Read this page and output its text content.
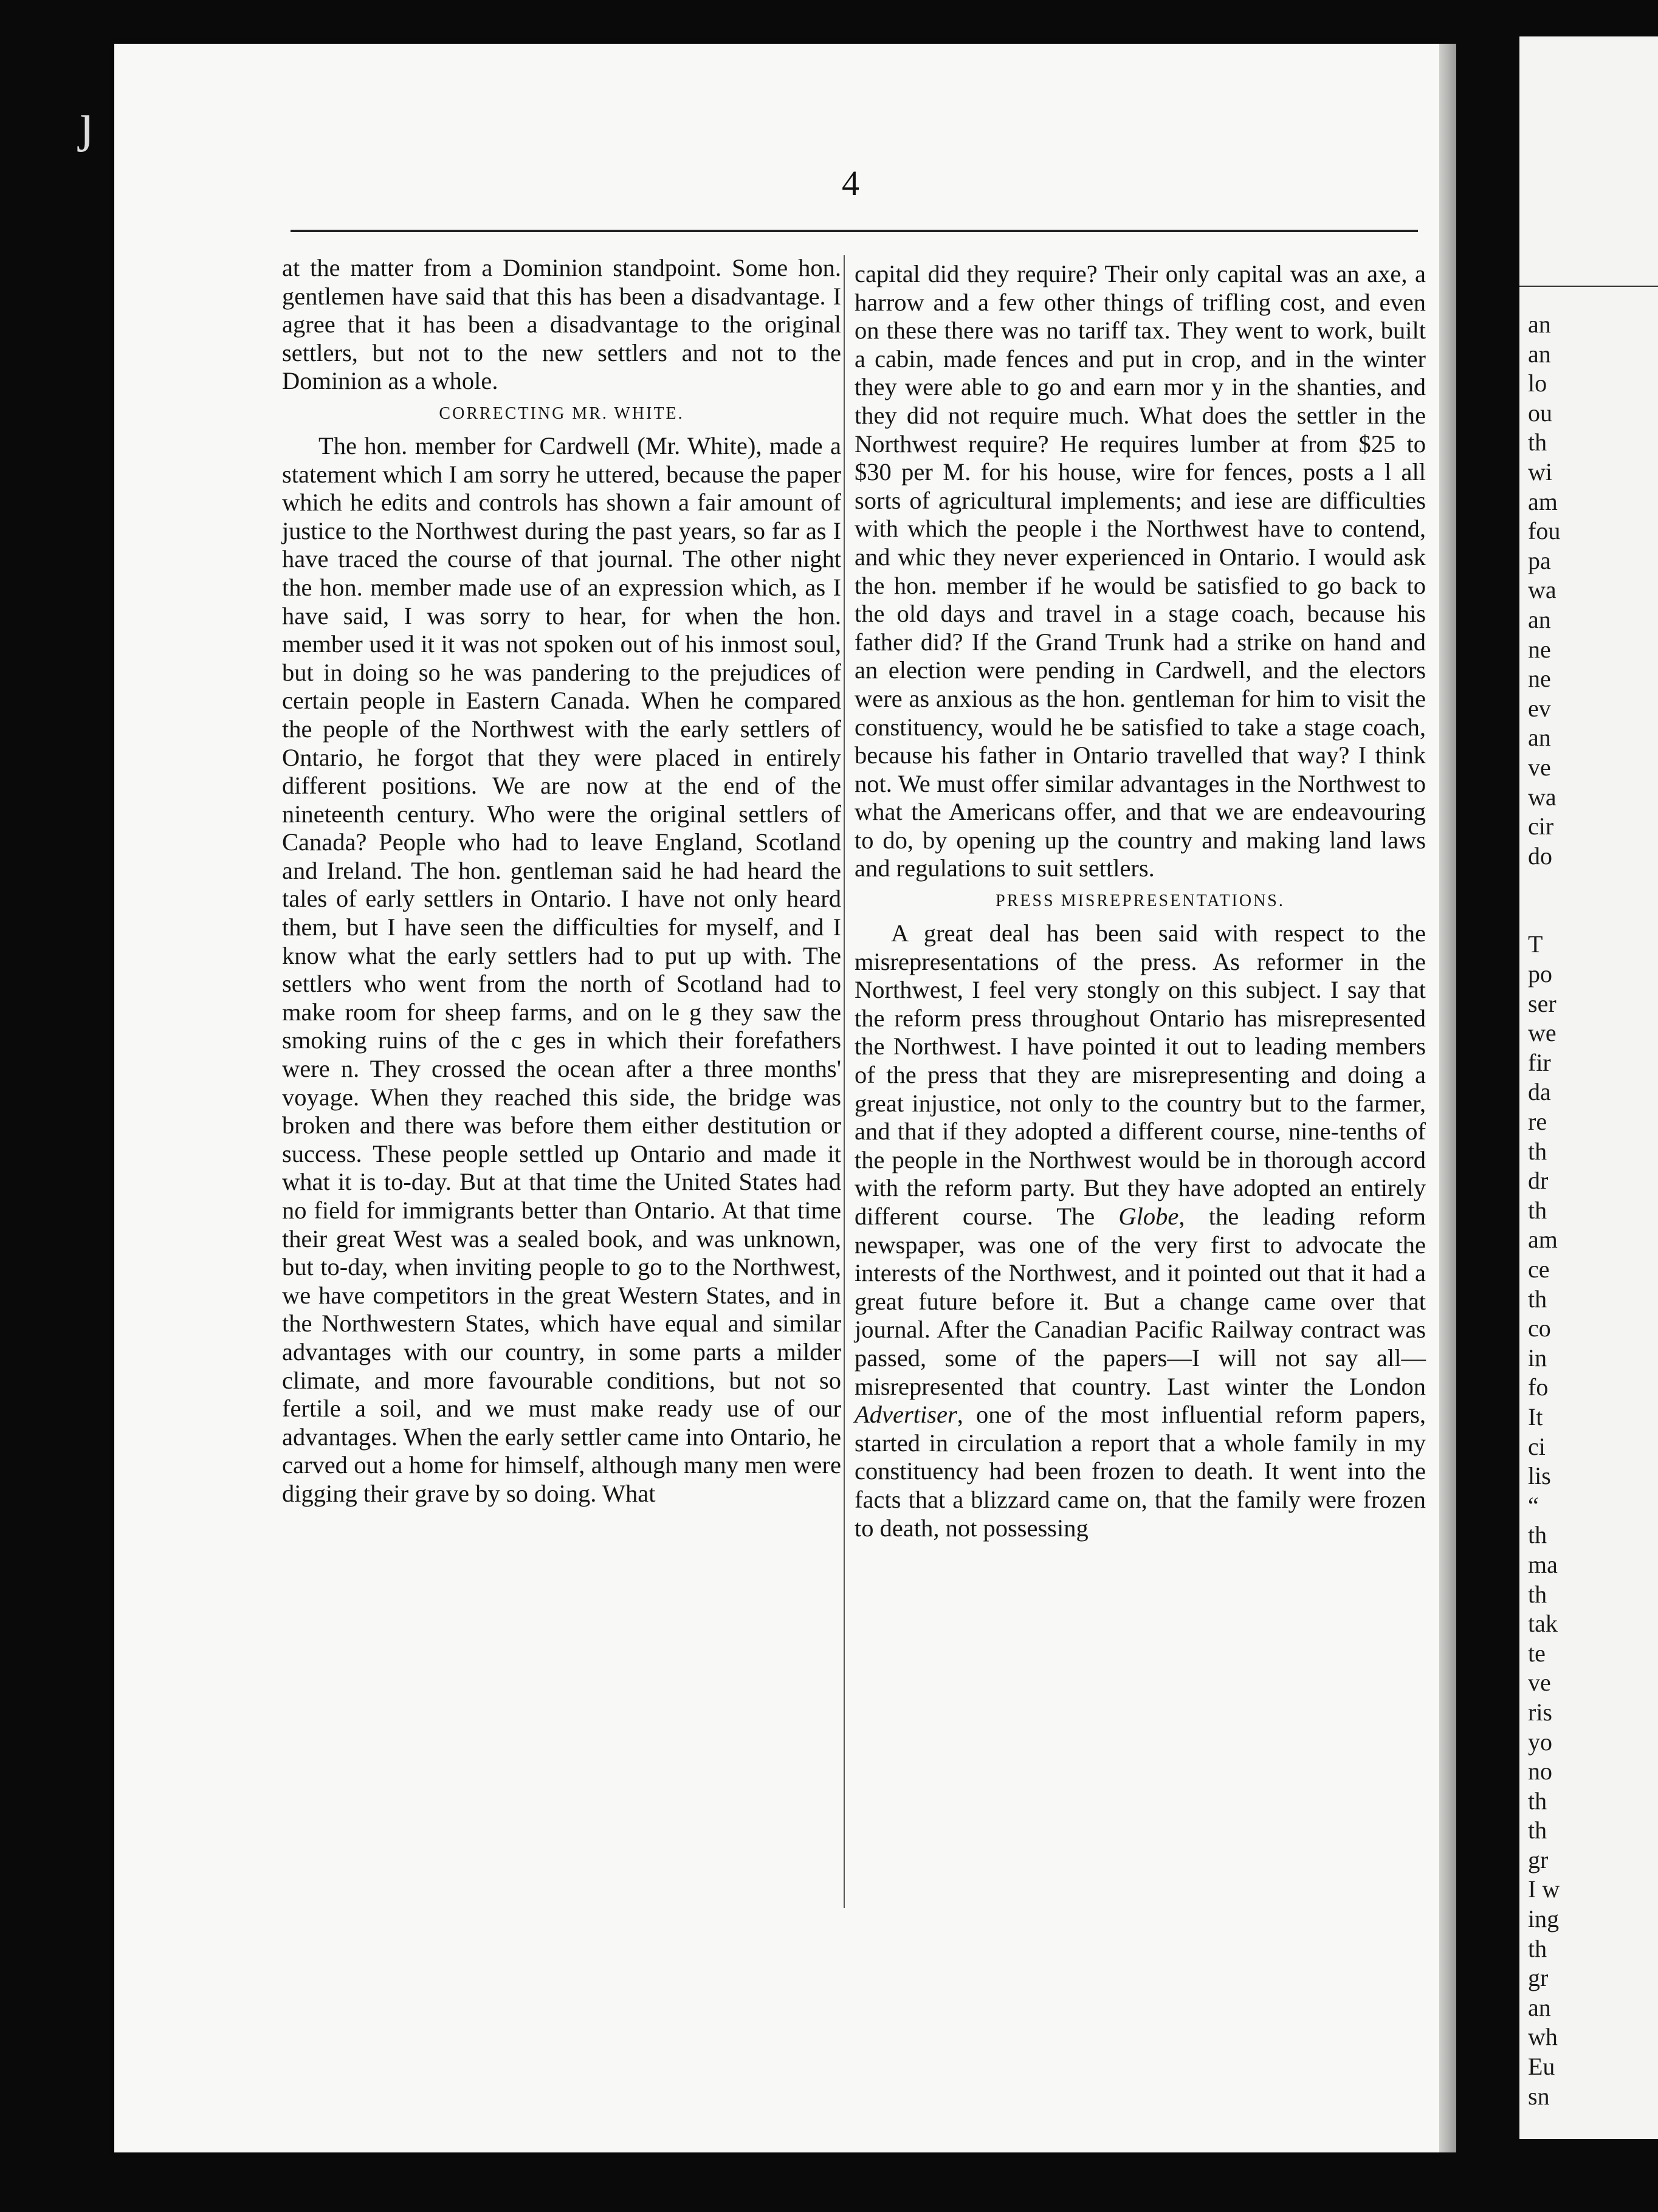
ȷ
an
an
lo
ou
th
wi
am
fou
pa
wa
an
ne
ne
ev
an
ve
wa
cir
do

T
po
ser
we
fir
da
re
th
dr
th
am
ce
th
co
in
fo
It
ci
lis
“
th
ma
th
tak
te
ve
ris
yo
no
th
th
gr
I w
ing
th
gr
an
wh
Eu
sn
4

at the matter from a Dominion standpoint. Some hon. gentlemen have said that this has been a disadvantage. I agree that it has been a disadvantage to the original settlers, but not to the new settlers and not to the Dominion as a whole.

CORRECTING MR. WHITE.

The hon. member for Cardwell (Mr. White), made a statement which I am sorry he uttered, because the paper which he edits and controls has shown a fair amount of justice to the Northwest during the past years, so far as I have traced the course of that journal. The other night the hon. member made use of an expression which, as I have said, I was sorry to hear, for when the hon. member used it it was not spoken out of his inmost soul, but in doing so he was pandering to the prejudices of certain people in Eastern Canada. When he compared the people of the Northwest with the early settlers of Ontario, he forgot that they were placed in entirely different positions. We are now at the end of the nineteenth century. Who were the original settlers of Canada? People who had to leave England, Scotland and Ireland. The hon. gentleman said he had heard the tales of early settlers in Ontario. I have not only heard them, but I have seen the difficulties for myself, and I know what the early settlers had to put up with. The settlers who went from the north of Scotland had to make room for sheep farms, and on le g they saw the smoking ruins of the c ges in which their forefathers were n. They crossed the ocean after a three months' voyage. When they reached this side, the bridge was broken and there was before them either destitution or success. These people settled up Ontario and made it what it is to-day. But at that time the United States had no field for immigrants better than Ontario. At that time their great West was a sealed book, and was unknown, but to-day, when inviting people to go to the Northwest, we have competitors in the great Western States, and in the Northwestern States, which have equal and similar advantages with our country, in some parts a milder climate, and more favourable conditions, but not so fertile a soil, and we must make ready use of our advantages. When the early settler came into Ontario, he carved out a home for himself, although many men were digging their grave by so doing. What

capital did they require? Their only capital was an axe, a harrow and a few other things of trifling cost, and even on these there was no tariff tax. They went to work, built a cabin, made fences and put in crop, and in the winter they were able to go and earn mor y in the shanties, and they did not require much. What does the settler in the Northwest require? He requires lumber at from $25 to $30 per M. for his house, wire for fences, posts a l all sorts of agricultural implements; and iese are difficulties with which the people i the Northwest have to contend, and whic they never experienced in Ontario. I would ask the hon. member if he would be satisfied to go back to the old days and travel in a stage coach, because his father did? If the Grand Trunk had a strike on hand and an election were pending in Cardwell, and the electors were as anxious as the hon. gentleman for him to visit the constituency, would he be satisfied to take a stage coach, because his father in Ontario travelled that way? I think not. We must offer similar advantages in the Northwest to what the Americans offer, and that we are endeavouring to do, by opening up the country and making land laws and regulations to suit settlers.

PRESS MISREPRESENTATIONS.

A great deal has been said with respect to the misrepresentations of the press. As reformer in the Northwest, I feel very stongly on this subject. I say that the reform press throughout Ontario has misrepresented the Northwest. I have pointed it out to leading members of the press that they are misrepresenting and doing a great injustice, not only to the country but to the farmer, and that if they adopted a different course, nine-tenths of the people in the Northwest would be in thorough accord with the reform party. But they have adopted an entirely different course. The Globe, the leading reform newspaper, was one of the very first to advocate the interests of the Northwest, and it pointed out that it had a great future before it. But a change came over that journal. After the Canadian Pacific Railway contract was passed, some of the papers—I will not say all—misrepresented that country. Last winter the London Advertiser, one of the most influential reform papers, started in circulation a report that a whole family in my constituency had been frozen to death. It went into the facts that a blizzard came on, that the family were frozen to death, not possessing
